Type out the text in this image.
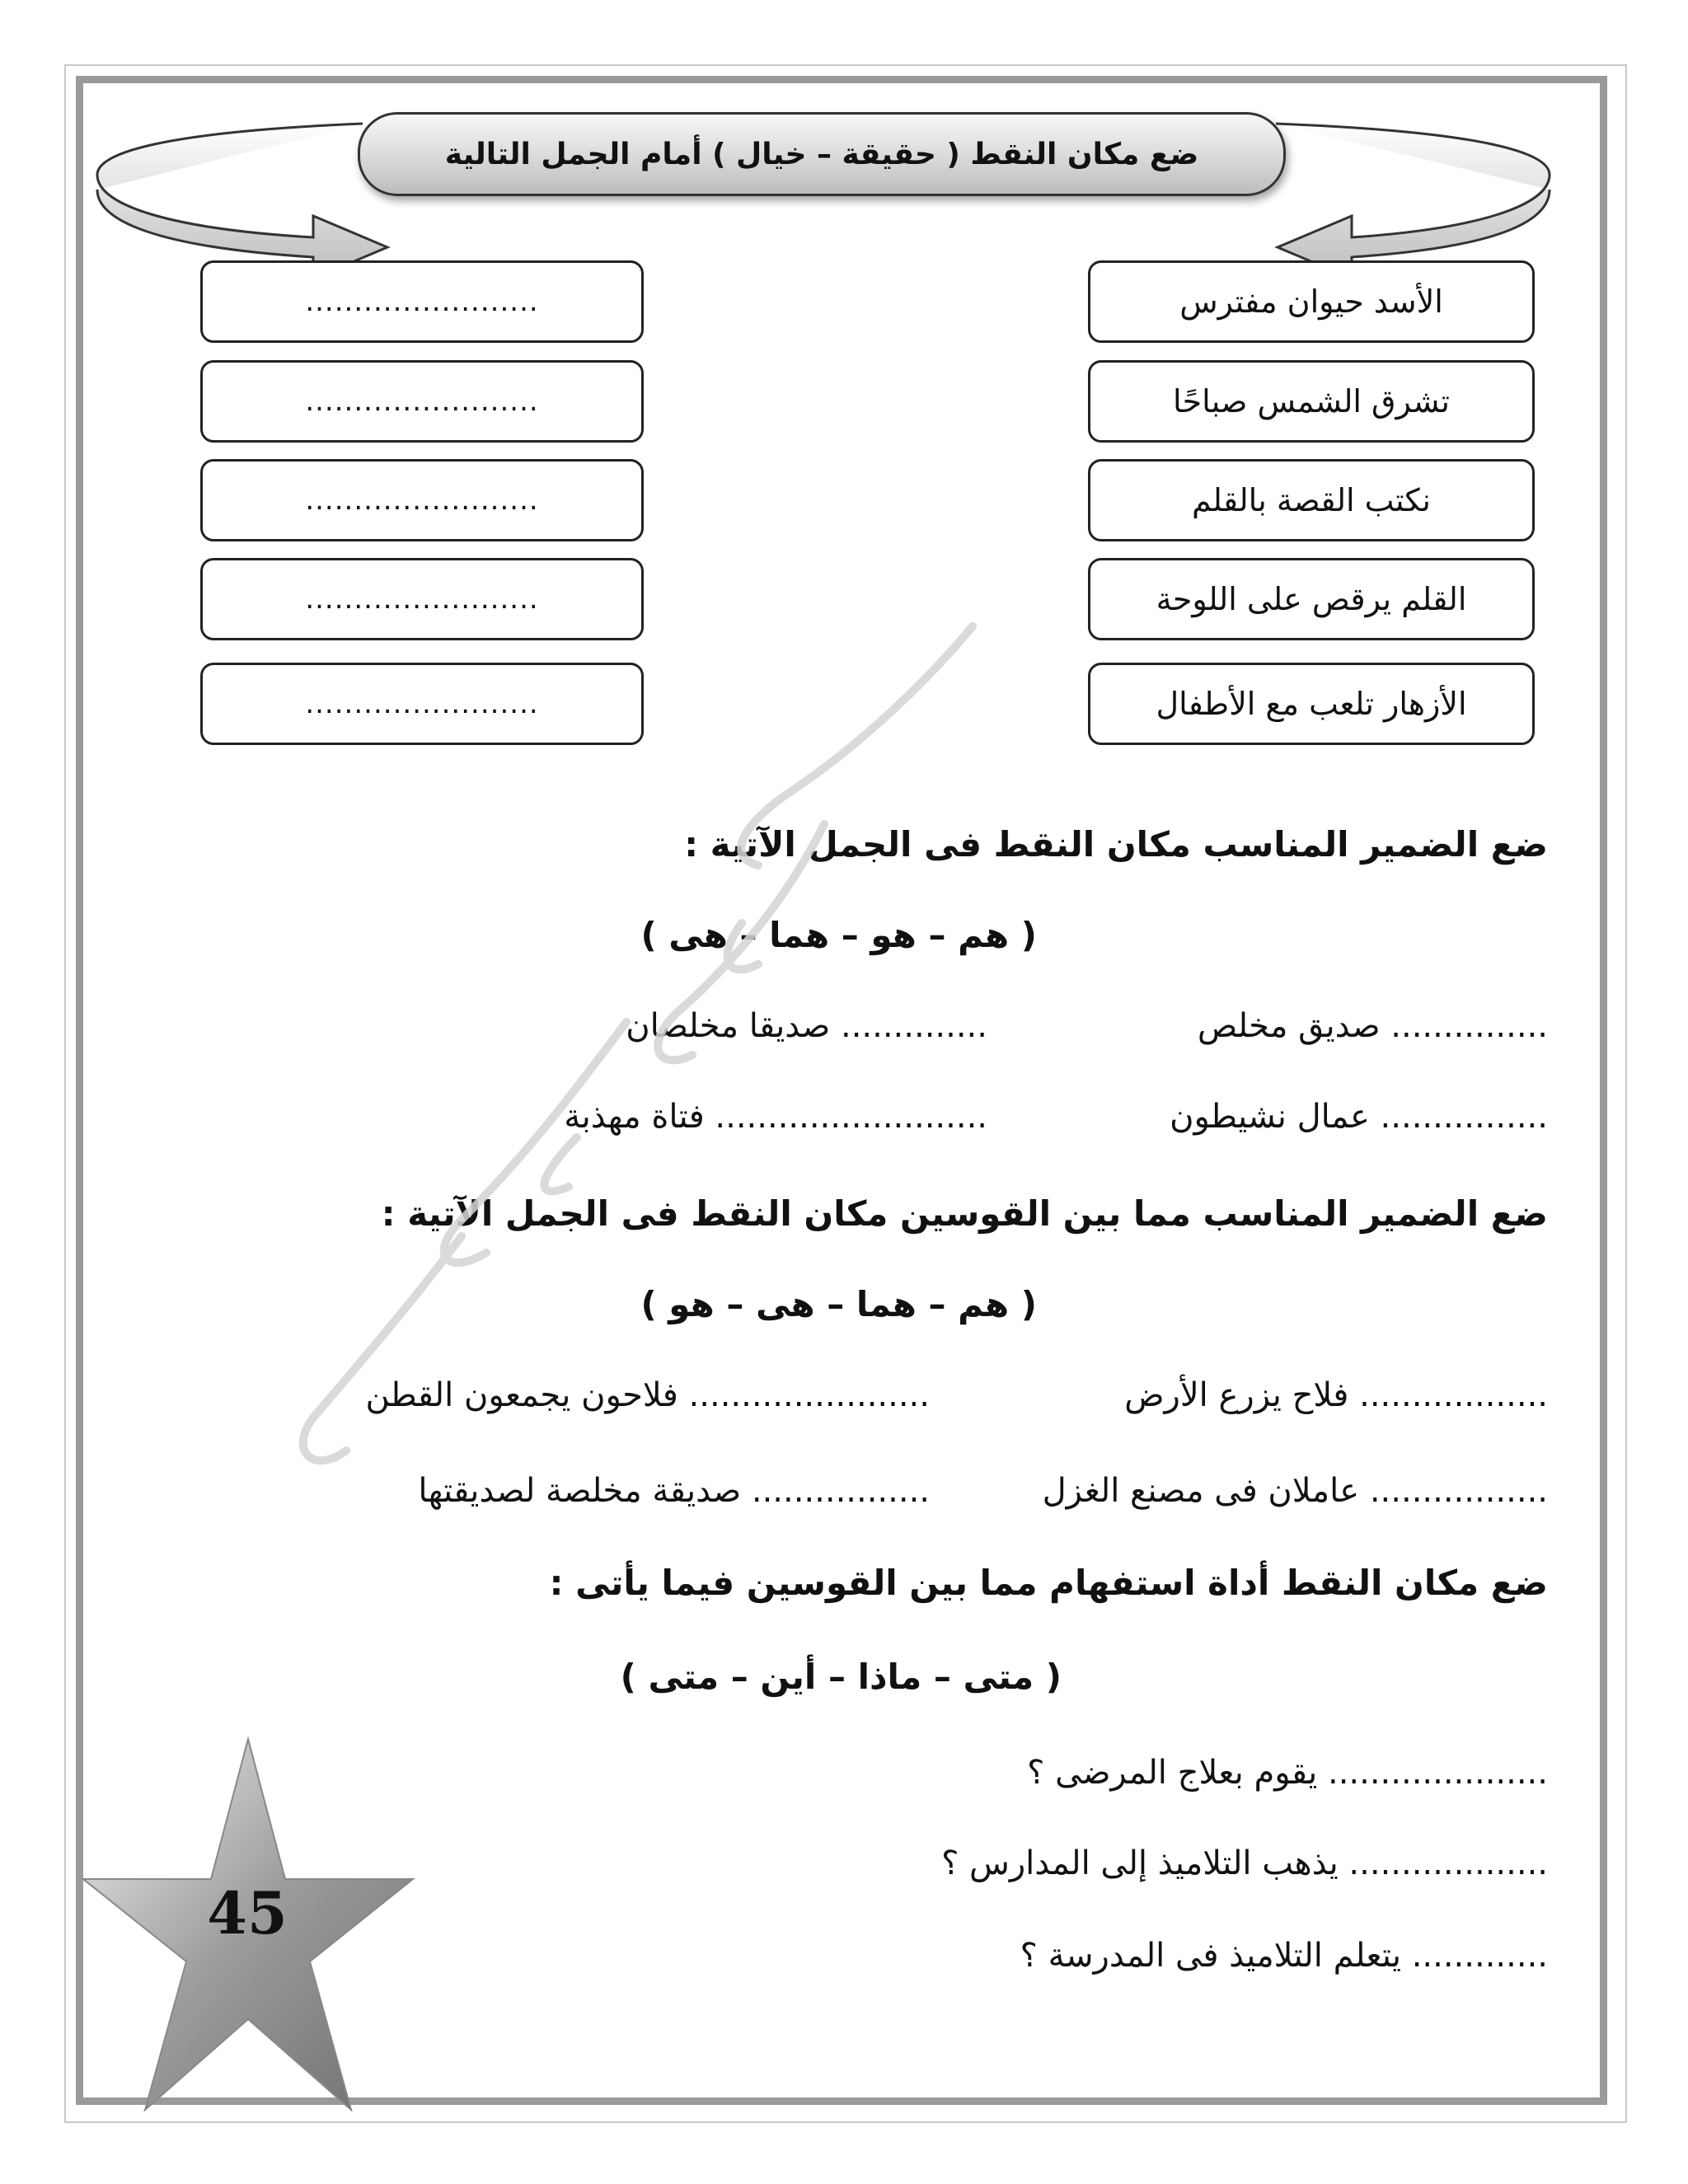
ضع مكان النقط ( حقيقة – خيال ) أمام الجمل التالية
الأسد حيوان مفترس
تشرق الشمس صباحًا
نكتب القصة بالقلم
القلم يرقص على اللوحة
الأزهار تلعب مع الأطفال
........................
........................
........................
........................
........................
ضع الضمير المناسب مكان النقط فى الجمل الآتية :
( هم – هو – هما – هى )
............... صديق مخلص
.............. صديقا مخلصان
................ عمال نشيطون
.......................... فتاة مهذبة
ضع الضمير المناسب مما بين القوسين مكان النقط فى الجمل الآتية :
( هم – هما – هى – هو )
.................. فلاح يزرع الأرض
....................... فلاحون يجمعون القطن
................. عاملان فى مصنع الغزل
................. صديقة مخلصة لصديقتها
ضع مكان النقط أداة استفهام مما بين القوسين فيما يأتى :
( متى – ماذا – أين – متى )
..................... يقوم بعلاج المرضى ؟
................... يذهب التلاميذ إلى المدارس ؟
............. يتعلم التلاميذ فى المدرسة ؟
45
